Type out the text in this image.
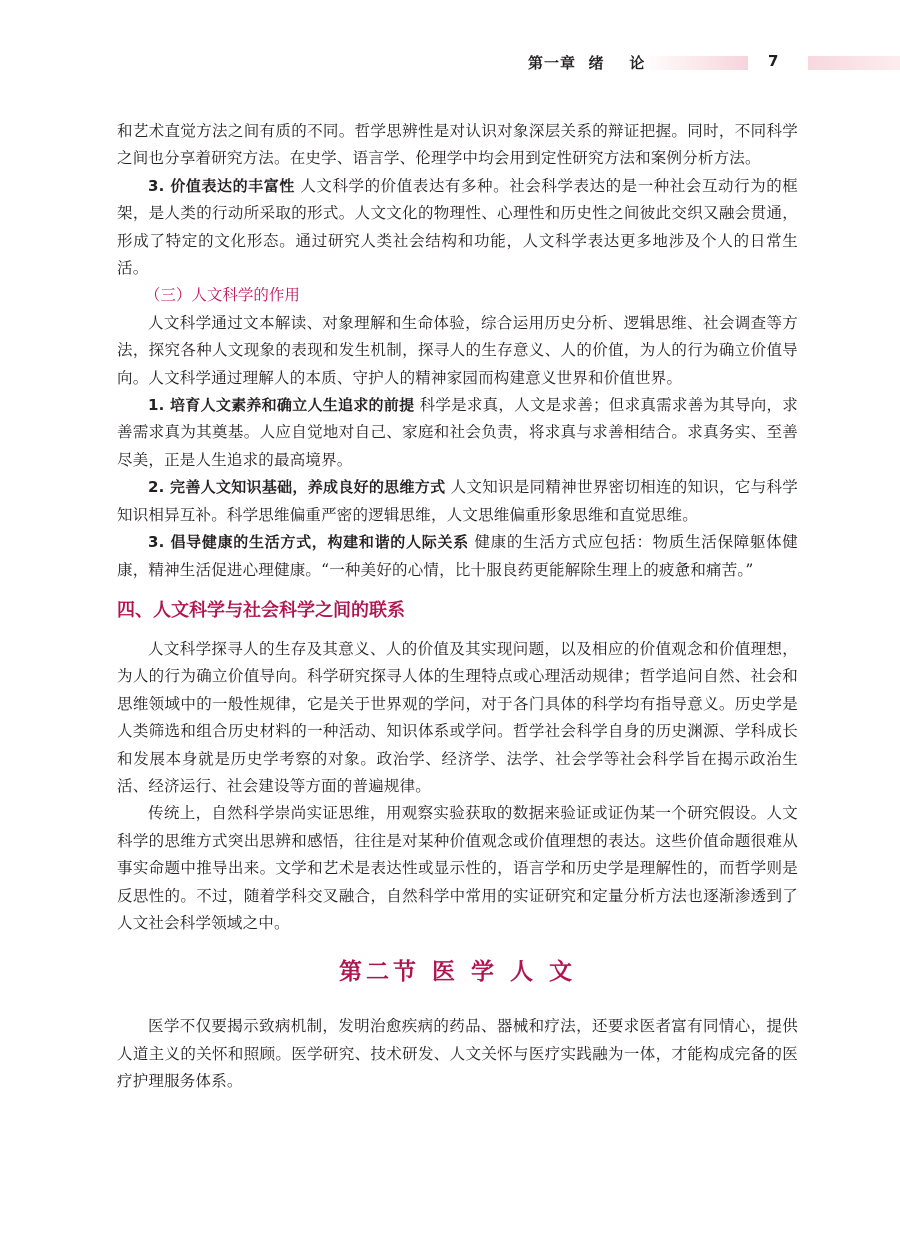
第一章  绪    论	7

和艺术直觉方法之间有质的不同。哲学思辨性是对认识对象深层关系的辩证把握。同时，不同科学之间也分享着研究方法。在史学、语言学、伦理学中均会用到定性研究方法和案例分析方法。

3. 价值表达的丰富性 人文科学的价值表达有多种。社会科学表达的是一种社会互动行为的框架，是人类的行动所采取的形式。人文文化的物理性、心理性和历史性之间彼此交织又融会贯通，形成了特定的文化形态。通过研究人类社会结构和功能，人文科学表达更多地涉及个人的日常生活。

（三）人文科学的作用

人文科学通过文本解读、对象理解和生命体验，综合运用历史分析、逻辑思维、社会调查等方法，探究各种人文现象的表现和发生机制，探寻人的生存意义、人的价值，为人的行为确立价值导向。人文科学通过理解人的本质、守护人的精神家园而构建意义世界和价值世界。

1. 培育人文素养和确立人生追求的前提 科学是求真，人文是求善；但求真需求善为其导向，求善需求真为其奠基。人应自觉地对自己、家庭和社会负责，将求真与求善相结合。求真务实、至善尽美，正是人生追求的最高境界。

2. 完善人文知识基础，养成良好的思维方式 人文知识是同精神世界密切相连的知识，它与科学知识相异互补。科学思维偏重严密的逻辑思维，人文思维偏重形象思维和直觉思维。

3. 倡导健康的生活方式，构建和谐的人际关系 健康的生活方式应包括：物质生活保障躯体健康，精神生活促进心理健康。“一种美好的心情，比十服良药更能解除生理上的疲惫和痛苦。”

四、人文科学与社会科学之间的联系

人文科学探寻人的生存及其意义、人的价值及其实现问题，以及相应的价值观念和价值理想，为人的行为确立价值导向。科学研究探寻人体的生理特点或心理活动规律；哲学追问自然、社会和思维领域中的一般性规律，它是关于世界观的学问，对于各门具体的科学均有指导意义。历史学是人类筛选和组合历史材料的一种活动、知识体系或学问。哲学社会科学自身的历史渊源、学科成长和发展本身就是历史学考察的对象。政治学、经济学、法学、社会学等社会科学旨在揭示政治生活、经济运行、社会建设等方面的普遍规律。

传统上，自然科学崇尚实证思维，用观察实验获取的数据来验证或证伪某一个研究假设。人文科学的思维方式突出思辨和感悟，往往是对某种价值观念或价值理想的表达。这些价值命题很难从事实命题中推导出来。文学和艺术是表达性或显示性的，语言学和历史学是理解性的，而哲学则是反思性的。不过，随着学科交叉融合，自然科学中常用的实证研究和定量分析方法也逐渐渗透到了人文社会科学领域之中。

第二节 医 学 人 文

医学不仅要揭示致病机制，发明治愈疾病的药品、器械和疗法，还要求医者富有同情心，提供人道主义的关怀和照顾。医学研究、技术研发、人文关怀与医疗实践融为一体，才能构成完备的医疗护理服务体系。
